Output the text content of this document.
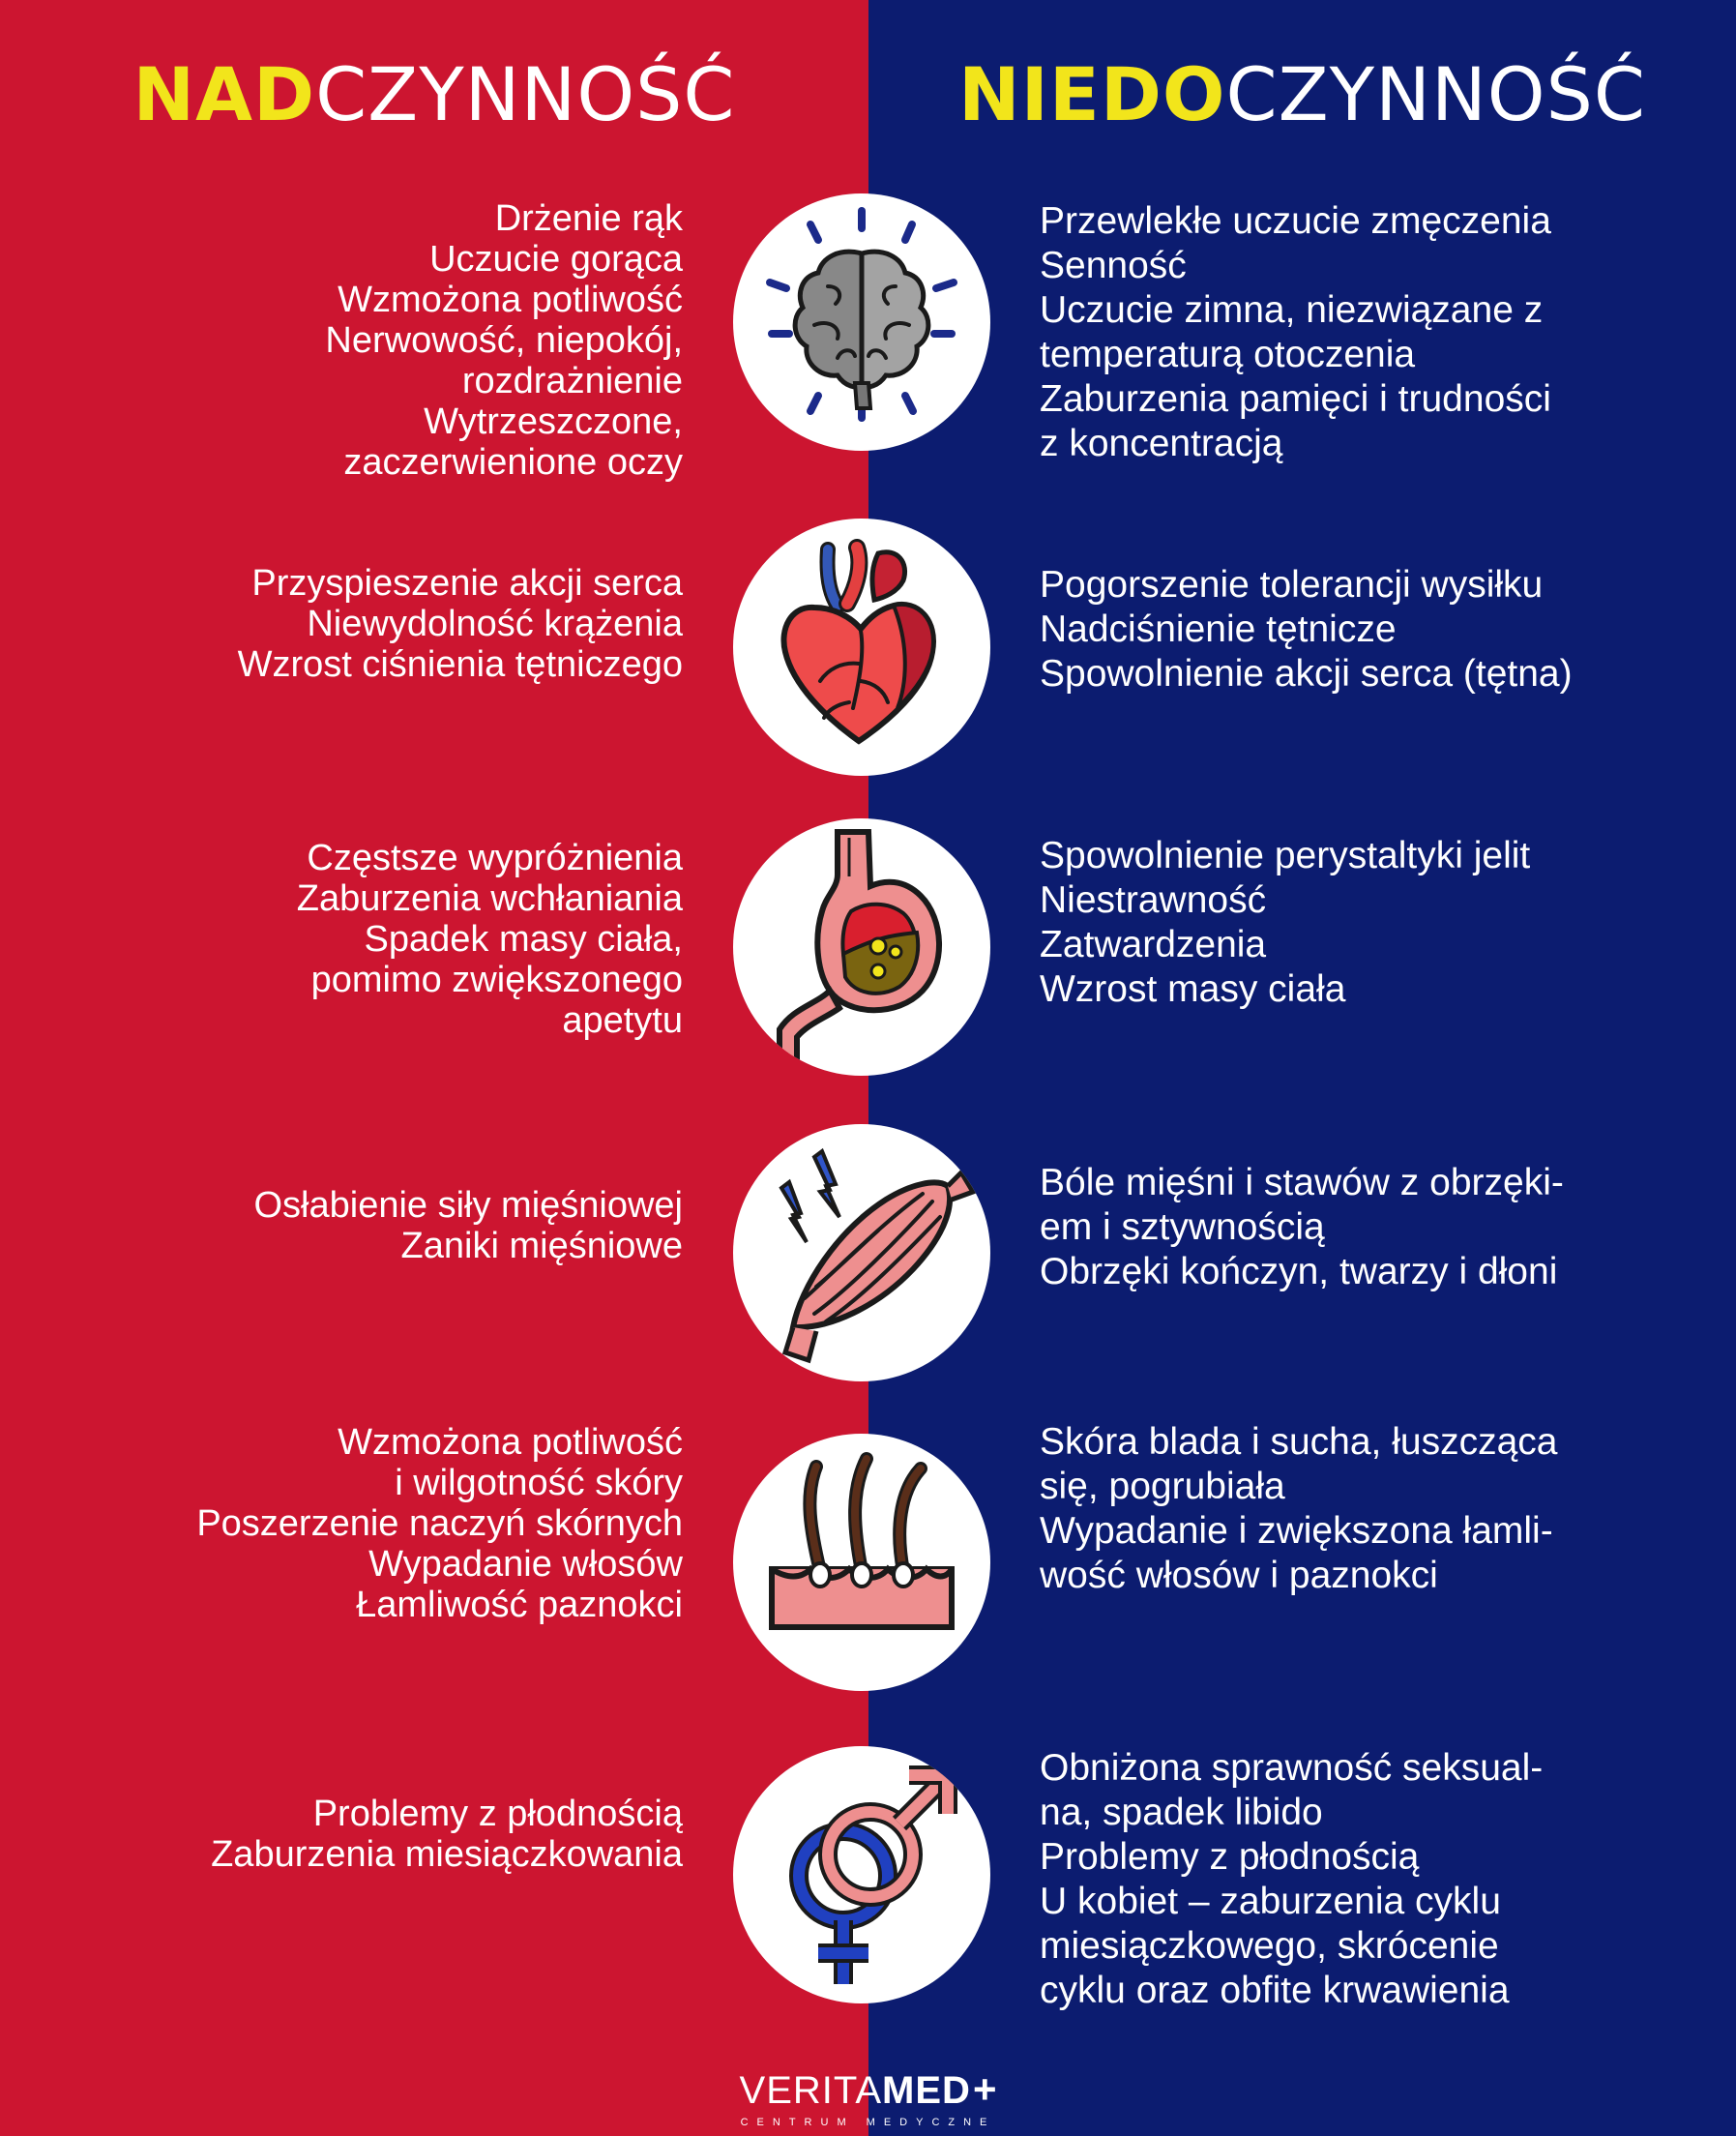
NADCZYNNOŚĆ	NIEDOCZYNNOŚĆ
Drżenie rąk
Uczucie gorąca
Wzmożona potliwość
Nerwowość, niepokój,
rozdrażnienie
Wytrzeszczone,
zaczerwienione oczy
Przewlekłe uczucie zmęczenia
Senność
Uczucie zimna, niezwiązane z
temperaturą otoczenia
Zaburzenia pamięci i trudności
z koncentracją
Przyspieszenie akcji serca
Niewydolność krążenia
Wzrost ciśnienia tętniczego
Pogorszenie tolerancji wysiłku
Nadciśnienie tętnicze
Spowolnienie akcji serca (tętna)
Częstsze wypróżnienia
Zaburzenia wchłaniania
Spadek masy ciała,
pomimo zwiększonego
apetytu
Spowolnienie perystaltyki jelit
Niestrawność
Zatwardzenia
Wzrost masy ciała
Osłabienie siły mięśniowej
Zaniki mięśniowe
Bóle mięśni i stawów z obrzęki-
em i sztywnością
Obrzęki kończyn, twarzy i dłoni
Wzmożona potliwość
i wilgotność skóry
Poszerzenie naczyń skórnych
Wypadanie włosów
Łamliwość paznokci
Skóra blada i sucha, łuszcząca
się, pogrubiała
Wypadanie i zwiększona łamli-
wość włosów i paznokci
Problemy z płodnością
Zaburzenia miesiączkowania
Obniżona sprawność seksual-
na, spadek libido
Problemy z płodnością
U kobiet – zaburzenia cyklu
miesiączkowego, skrócenie
cyklu oraz obfite krwawienia
VERITAMED+
CENTRUM MEDYCZNE
